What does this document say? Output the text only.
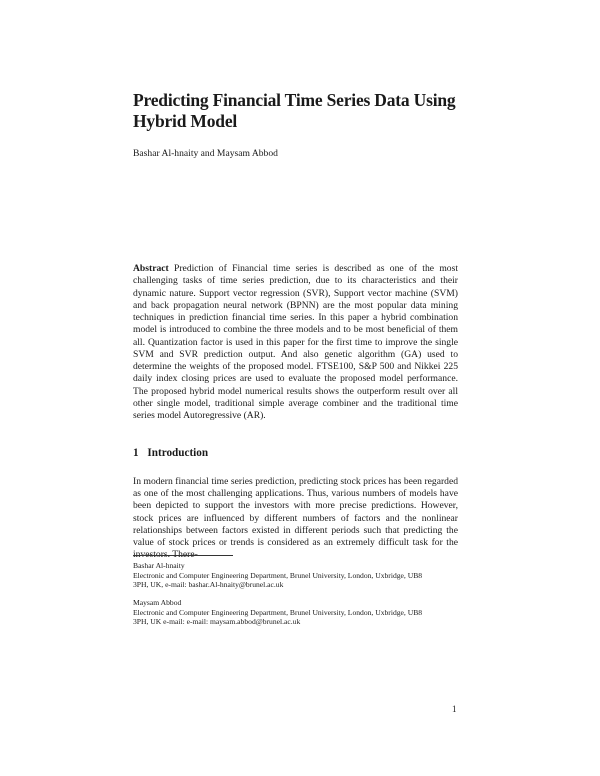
Predicting Financial Time Series Data Using
Hybrid Model

Bashar Al-hnaity and Maysam Abbod

Abstract Prediction of Financial time series is described as one of the most challenging tasks of time series prediction, due to its characteristics and their dynamic nature. Support vector regression (SVR), Support vector machine (SVM) and back propagation neural network (BPNN) are the most popular data mining techniques in prediction financial time series. In this paper a hybrid combination model is introduced to combine the three models and to be most beneficial of them all. Quantization factor is used in this paper for the first time to improve the single SVM and SVR prediction output. And also genetic algorithm (GA) used to determine the weights of the proposed model. FTSE100, S&P 500 and Nikkei 225 daily index closing prices are used to evaluate the proposed model performance. The proposed hybrid model numerical results shows the outperform result over all other single model, traditional simple average combiner and the traditional time series model Autoregressive (AR).

1 Introduction

In modern financial time series prediction, predicting stock prices has been regarded as one of the most challenging applications. Thus, various numbers of models have been depicted to support the investors with more precise predictions. However, stock prices are influenced by different numbers of factors and the nonlinear relationships between factors existed in different periods such that predicting the value of stock prices or trends is considered as an extremely difficult task for the investors. There-

Bashar Al-hnaity
Electronic and Computer Engineering Department, Brunel University, London, Uxbridge, UB8
3PH, UK, e-mail: bashar.Al-hnaity@brunel.ac.uk

Maysam Abbod
Electronic and Computer Engineering Department, Brunel University, London, Uxbridge, UB8
3PH, UK e-mail: e-mail: maysam.abbod@brunel.ac.uk

1
